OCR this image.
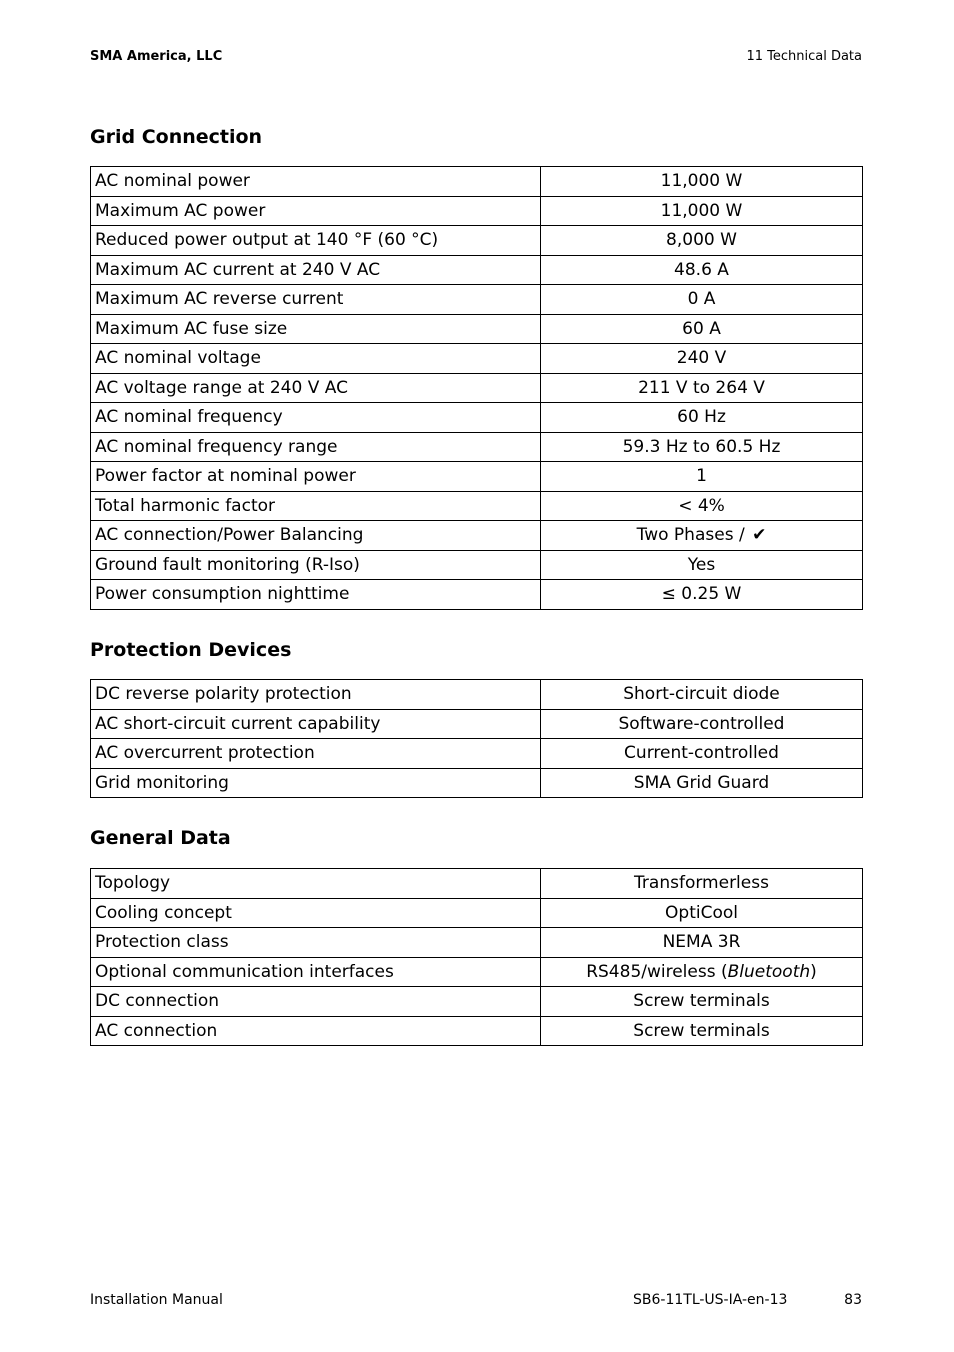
SMA America, LLC	11 Technical Data
Grid Connection
AC nominal power	11,000 W
Maximum AC power	11,000 W
Reduced power output at 140 °F (60 °C)	8,000 W
Maximum AC current at 240 V AC	48.6 A
Maximum AC reverse current	0 A
Maximum AC fuse size	60 A
AC nominal voltage	240 V
AC voltage range at 240 V AC	211 V to 264 V
AC nominal frequency	60 Hz
AC nominal frequency range	59.3 Hz to 60.5 Hz
Power factor at nominal power	1
Total harmonic factor	< 4%
AC connection/Power Balancing	Two Phases / ✔
Ground fault monitoring (R-Iso)	Yes
Power consumption nighttime	≤ 0.25 W
Protection Devices
DC reverse polarity protection	Short-circuit diode
AC short-circuit current capability	Software-controlled
AC overcurrent protection	Current-controlled
Grid monitoring	SMA Grid Guard
General Data
Topology	Transformerless
Cooling concept	OptiCool
Protection class	NEMA 3R
Optional communication interfaces	RS485/wireless (Bluetooth)
DC connection	Screw terminals
AC connection	Screw terminals
Installation Manual	SB6-11TL-US-IA-en-13	83
